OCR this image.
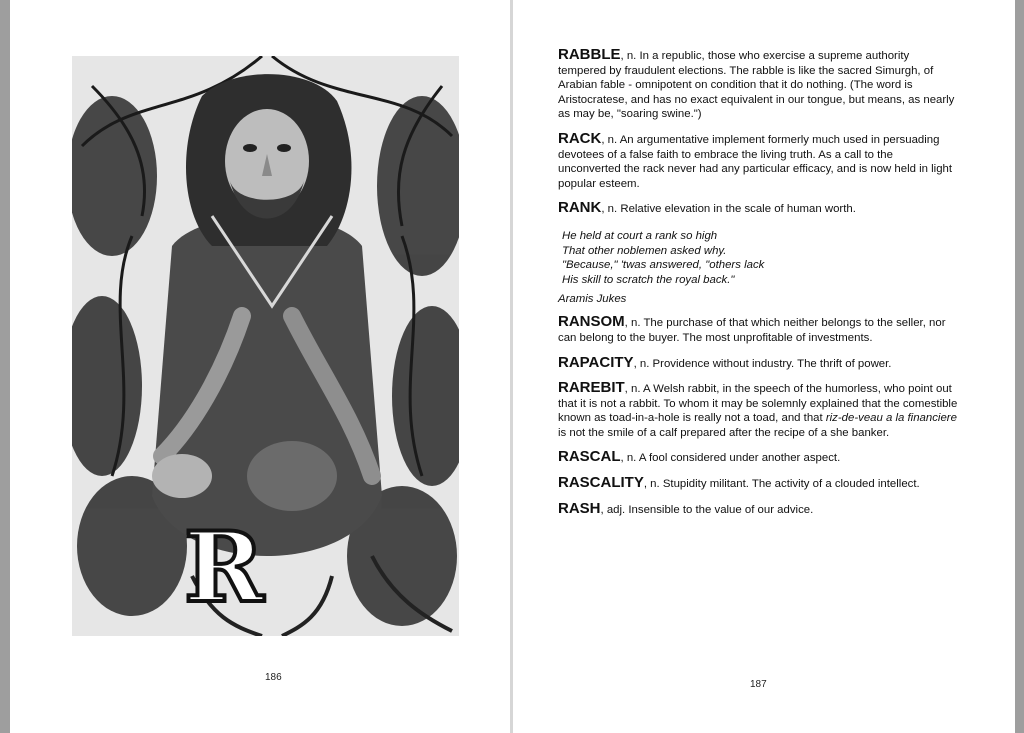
R
186

RABBLE, n. In a republic, those who exercise a supreme authority tempered by fraudulent elections. The rabble is like the sacred Simurgh, of Arabian fable - omnipotent on condition that it do nothing. (The word is Aristocratese, and has no exact equivalent in our tongue, but means, as nearly as may be, "soaring swine.")

RACK, n. An argumentative implement formerly much used in persuading devotees of a false faith to embrace the living truth. As a call to the unconverted the rack never had any particular efficacy, and is now held in light popular esteem.

RANK, n. Relative elevation in the scale of human worth.

He held at court a rank so high
That other noblemen asked why.
"Because," 'twas answered, "others lack
His skill to scratch the royal back."

Aramis Jukes

RANSOM, n. The purchase of that which neither belongs to the seller, nor can belong to the buyer. The most unprofitable of investments.

RAPACITY, n. Providence without industry. The thrift of power.

RAREBIT, n. A Welsh rabbit, in the speech of the humorless, who point out that it is not a rabbit. To whom it may be solemnly explained that the comestible known as toad-in-a-hole is really not a toad, and that riz-de-veau a la financiere is not the smile of a calf prepared after the recipe of a she banker.

RASCAL, n. A fool considered under another aspect.

RASCALITY, n. Stupidity militant. The activity of a clouded intellect.

RASH, adj. Insensible to the value of our advice.

187
